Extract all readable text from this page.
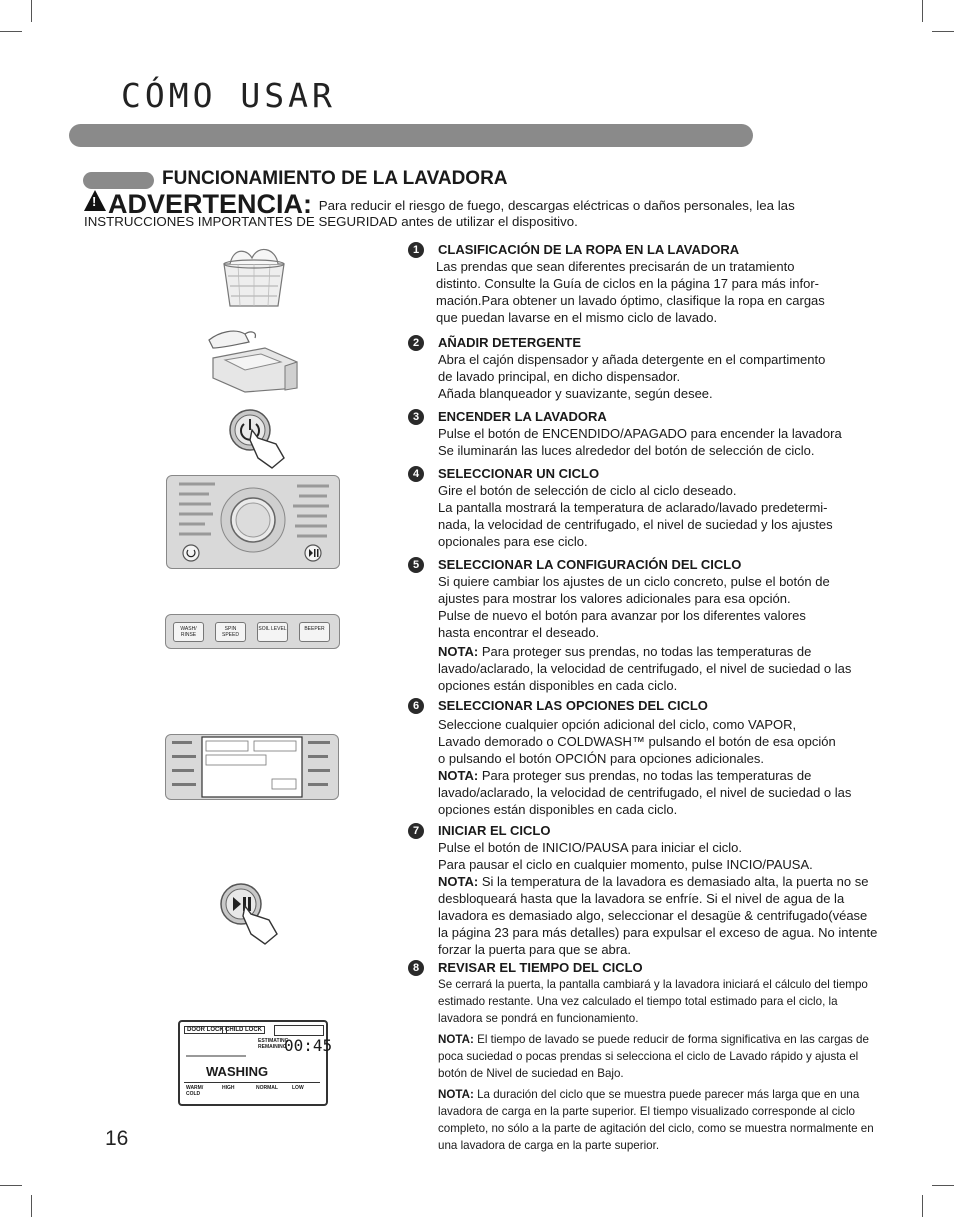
CÓMO USAR
FUNCIONAMIENTO DE LA LAVADORA
! ADVERTENCIA: Para reducir el riesgo de fuego, descargas eléctricas o daños personales, lea las INSTRUCCIONES IMPORTANTES DE SEGURIDAD antes de utilizar el dispositivo.
1	CLASIFICACIÓN DE LA ROPA EN LA LAVADORA

Las prendas que sean diferentes precisarán de un tratamiento

distinto. Consulte la Guía de ciclos en la página 17 para más infor-

mación.Para obtener un lavado óptimo, clasifique la ropa en cargas

que puedan lavarse en el mismo ciclo de lavado.

2	AÑADIR DETERGENTE

Abra el cajón dispensador y añada detergente en el compartimento

de lavado principal, en dicho dispensador.

Añada blanqueador y suavizante, según desee.

3	ENCENDER LA LAVADORA

Pulse el botón de ENCENDIDO/APAGADO para encender la lavadora

Se iluminarán las luces alrededor del botón de selección de ciclo.

4	SELECCIONAR UN CICLO

Gire el botón de selección de ciclo al ciclo deseado.

La pantalla mostrará la temperatura de aclarado/lavado predetermi-

nada, la velocidad de centrifugado, el nivel de suciedad y los ajustes

opcionales para ese ciclo.

5	SELECCIONAR LA CONFIGURACIÓN DEL CICLO

Si quiere cambiar los ajustes de un ciclo concreto, pulse el botón de

ajustes para mostrar los valores adicionales para esa opción.

Pulse de nuevo el botón para avanzar por los diferentes valores

hasta encontrar el deseado.

NOTA: Para proteger sus prendas, no todas las temperaturas de lavado/aclarado, la velocidad de centrifugado, el nivel de suciedad o las opciones están disponibles en cada ciclo.

6	SELECCIONAR LAS OPCIONES DEL CICLO

Seleccione cualquier opción adicional del ciclo, como VAPOR,

Lavado demorado o COLDWASH™ pulsando el botón de esa opción

o pulsando el botón OPCIÓN para opciones adicionales.

NOTA: Para proteger sus prendas, no todas las temperaturas de lavado/aclarado, la velocidad de centrifugado, el nivel de suciedad o las opciones están disponibles en cada ciclo.

7	INICIAR EL CICLO

Pulse el botón de INICIO/PAUSA para iniciar el ciclo.

Para pausar el ciclo en cualquier momento, pulse INCIO/PAUSA.

NOTA: Si la temperatura de la lavadora es demasiado alta, la puerta no se desbloqueará hasta que la lavadora se enfríe. Si el nivel de agua de la lavadora es demasiado algo, seleccionar el desagüe & centrifugado(véase la página 23 para más detalles) para expulsar el exceso de agua. No intente forzar la puerta para que se abra.

8	REVISAR EL TIEMPO DEL CICLO

Se cerrará la puerta, la pantalla cambiará y la lavadora iniciará el cálculo del tiempo estimado restante. Una vez calculado el tiempo total estimado para el ciclo, la lavadora se pondrá en funcionamiento.

NOTA: El tiempo de lavado se puede reducir de forma significativa en las cargas de poca suciedad o pocas prendas si selecciona el ciclo de Lavado rápido y ajusta el botón de Nivel de suciedad en Bajo.

NOTA: La duración del ciclo que se muestra puede parecer más larga que en una lavadora de carga en la parte superior. El tiempo visualizado corresponde al ciclo completo, no sólo a la parte de agitación del ciclo, como se muestra normalmente en una lavadora de carga en la parte superior.

16
WASH/ RINSE
SPIN SPEED
SOIL LEVEL	BEEPER
DOOR LOCK CHILD LOCK
ESTIMATING REMAINING
00:45
WASHING
WARM/ COLD
HIGH	NORMAL	LOW
